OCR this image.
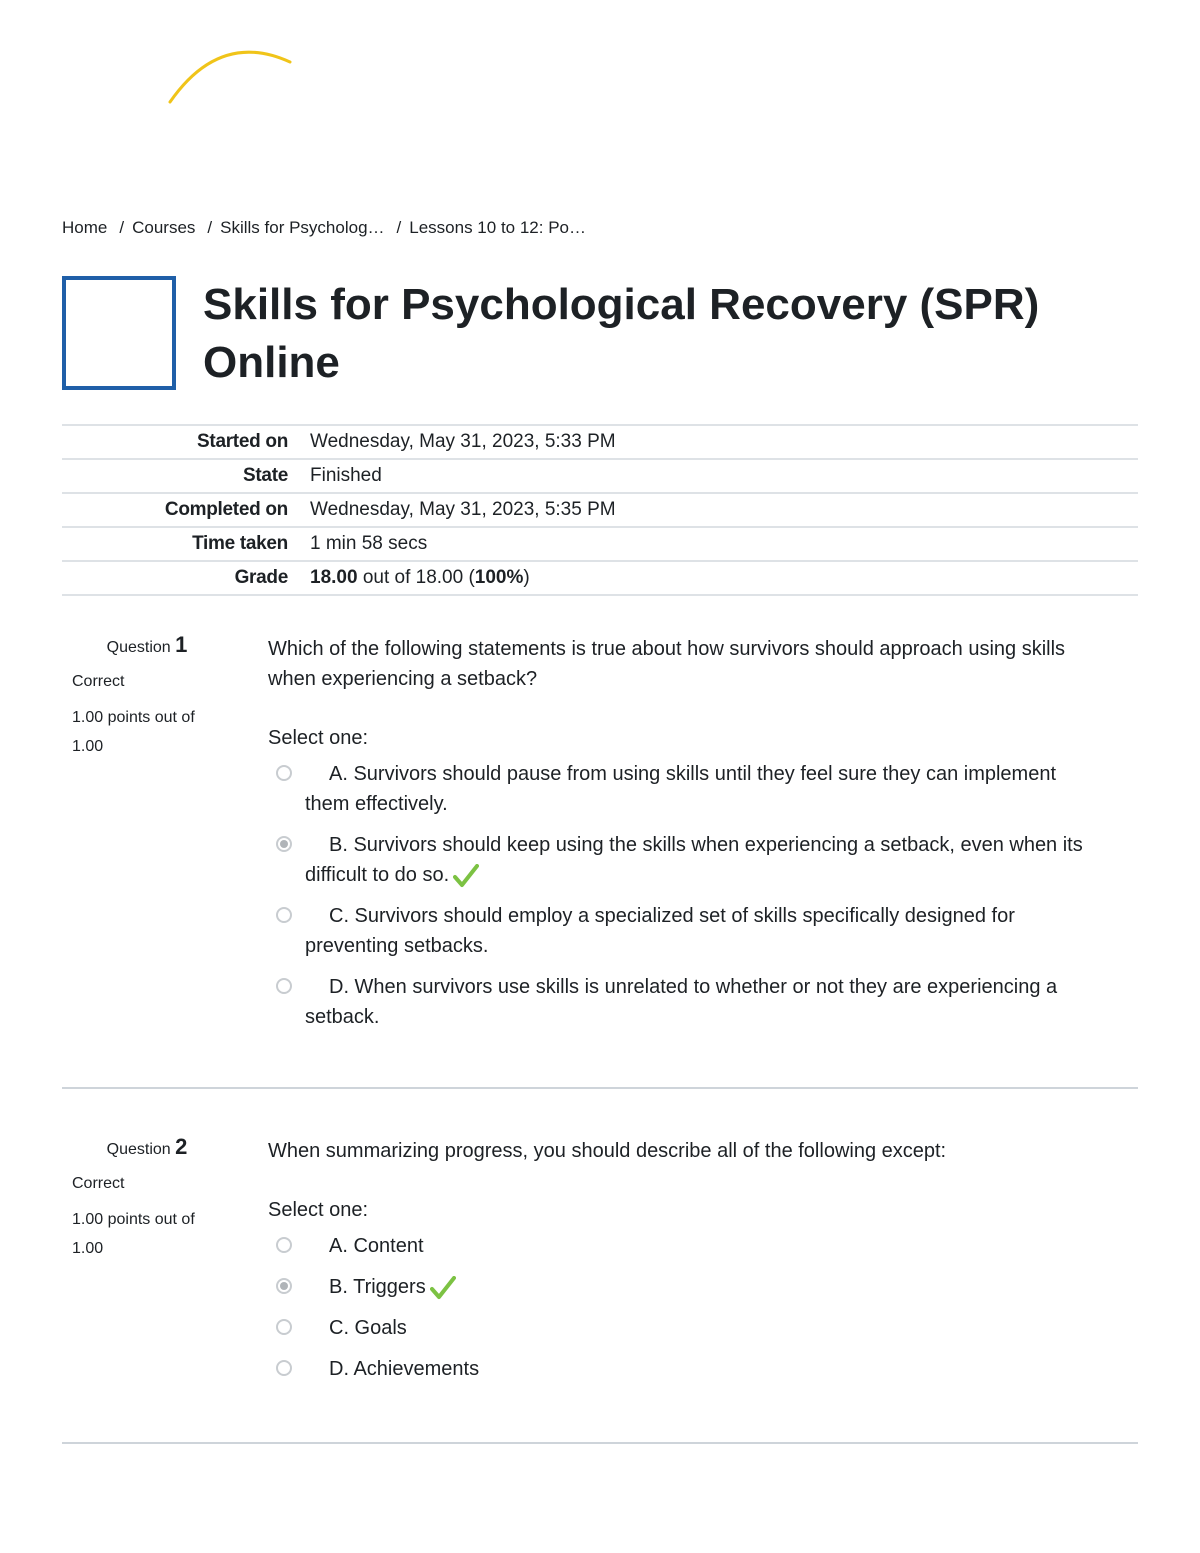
Home / Courses / Skills for Psycholog… / Lessons 10 to 12: Po…
Skills for Psychological Recovery (SPR) Online
Started on	Wednesday, May 31, 2023, 5:33 PM
State	Finished
Completed on	Wednesday, May 31, 2023, 5:35 PM
Time taken	1 min 58 secs
Grade	18.00 out of 18.00 (100%)
Question 1
Correct
1.00 points out of 1.00

Which of the following statements is true about how survivors should approach using skills when experiencing a setback?

Select one:
A. Survivors should pause from using skills until they feel sure they can implement them effectively.
B. Survivors should keep using the skills when experiencing a setback, even when its difficult to do so.
C. Survivors should employ a specialized set of skills specifically designed for preventing setbacks.
D. When survivors use skills is unrelated to whether or not they are experiencing a setback.
Question 2
Correct
1.00 points out of 1.00

When summarizing progress, you should describe all of the following except:

Select one:
A. Content
B. Triggers
C. Goals
D. Achievements
